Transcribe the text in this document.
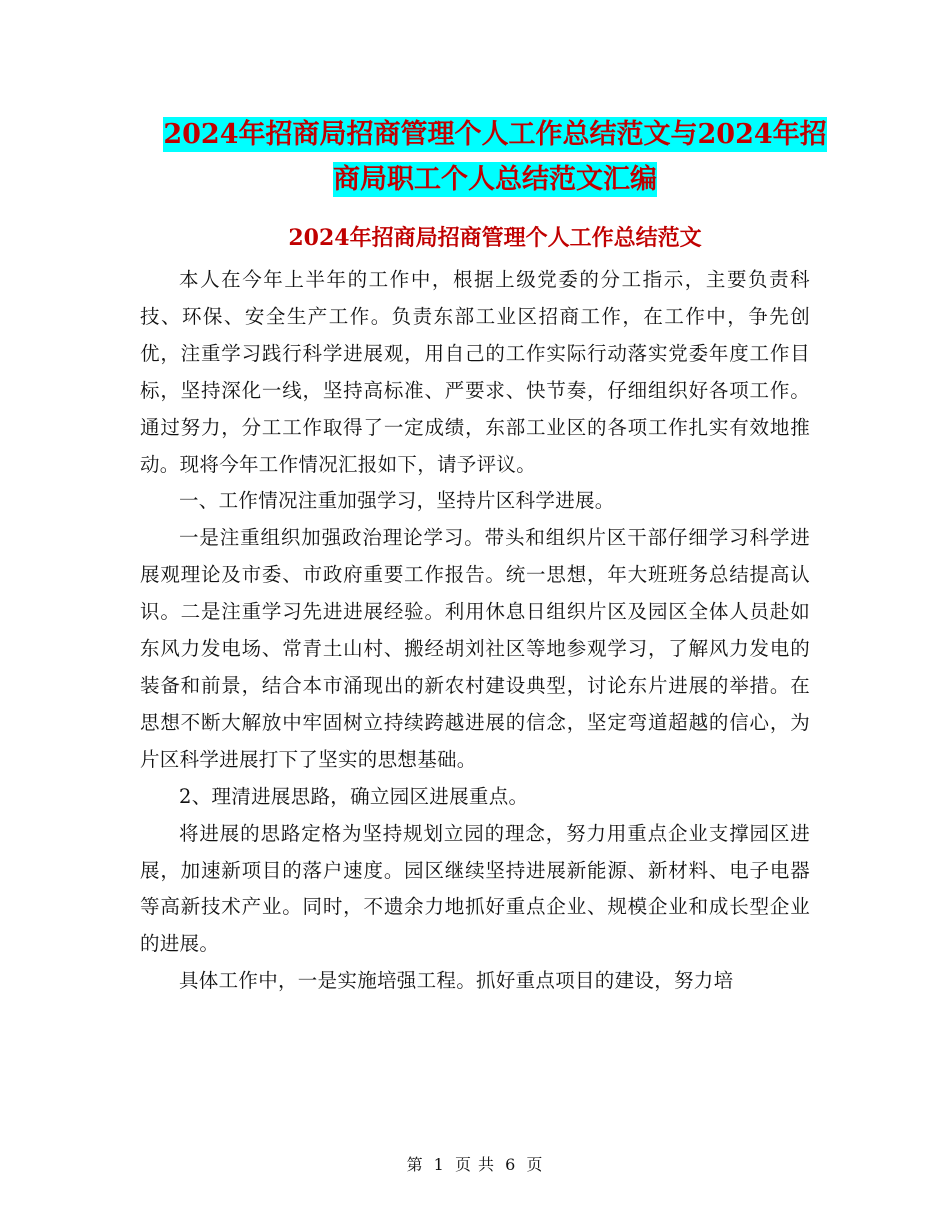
2024年招商局招商管理个人工作总结范文与2024年招
商局职工个人总结范文汇编
2024年招商局招商管理个人工作总结范文

本人在今年上半年的工作中，根据上级党委的分工指示，主要负责科技、环保、安全生产工作。负责东部工业区招商工作，在工作中，争先创优，注重学习践行科学进展观，用自己的工作实际行动落实党委年度工作目标，坚持深化一线，坚持高标准、严要求、快节奏，仔细组织好各项工作。通过努力，分工工作取得了一定成绩，东部工业区的各项工作扎实有效地推动。现将今年工作情况汇报如下，请予评议。

一、工作情况注重加强学习，坚持片区科学进展。

一是注重组织加强政治理论学习。带头和组织片区干部仔细学习科学进展观理论及市委、市政府重要工作报告。统一思想，年大班班务总结提高认识。二是注重学习先进进展经验。利用休息日组织片区及园区全体人员赴如东风力发电场、常青土山村、搬经胡刘社区等地参观学习，了解风力发电的装备和前景，结合本市涌现出的新农村建设典型，讨论东片进展的举措。在思想不断大解放中牢固树立持续跨越进展的信念，坚定弯道超越的信心，为片区科学进展打下了坚实的思想基础。

2、理清进展思路，确立园区进展重点。

将进展的思路定格为坚持规划立园的理念，努力用重点企业支撑园区进展，加速新项目的落户速度。园区继续坚持进展新能源、新材料、电子电器等高新技术产业。同时，不遗余力地抓好重点企业、规模企业和成长型企业的进展。

具体工作中，一是实施培强工程。抓好重点项目的建设，努力培

第 1 页 共 6 页
